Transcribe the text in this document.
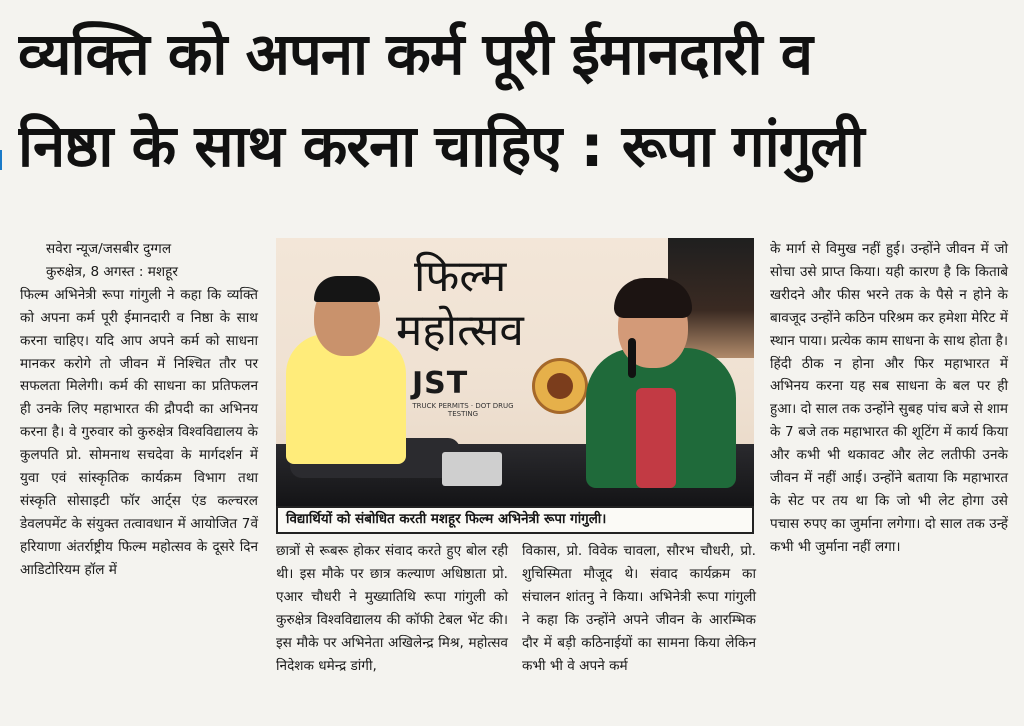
व्यक्ति को अपना कर्म पूरी ईमानदारी व
निष्ठा के साथ करना चाहिए : रूपा गांगुली

सवेरा न्यूज/जसबीर दुग्गल

कुरुक्षेत्र, 8 अगस्त : मशहूर

फिल्म अभिनेत्री रूपा गांगुली ने कहा कि व्यक्ति को अपना कर्म पूरी ईमानदारी व निष्ठा के साथ करना चाहिए। यदि आप अपने कर्म को साधना मानकर करोगे तो जीवन में निश्चित तौर पर सफलता मिलेगी। कर्म की साधना का प्रतिफलन ही उनके लिए महाभारत की द्रौपदी का अभिनय करना है। वे गुरुवार को कुरुक्षेत्र विश्वविद्यालय के कुलपति प्रो. सोमनाथ सचदेवा के मार्गदर्शन में युवा एवं सांस्कृतिक कार्यक्रम विभाग तथा संस्कृति सोसाइटी फॉर आर्ट्स एंड कल्चरल डेवलपमेंट के संयुक्त तत्वावधान में आयोजित 7वें हरियाणा अंतर्राष्ट्रीय फिल्म महोत्सव के दूसरे दिन आडिटोरियम हॉल में

फिल्म
महोत्सव
JST
TRUCK PERMITS · DOT DRUG TESTING
विद्यार्थियों को संबोधित करती मशहूर फिल्म अभिनेत्री रूपा गांगुली।

छात्रों से रूबरू होकर संवाद करते हुए बोल रही थी। इस मौके पर छात्र कल्याण अधिष्ठाता प्रो. एआर चौधरी ने मुख्यातिथि रूपा गांगुली को कुरुक्षेत्र विश्वविद्यालय की कॉफी टेबल भेंट की। इस मौके पर अभिनेता अखिलेन्द्र मिश्र, महोत्सव निदेशक धमेन्द्र डांगी,

विकास, प्रो. विवेक चावला, सौरभ चौधरी, प्रो. शुचिस्मिता मौजूद थे। संवाद कार्यक्रम का संचालन शांतनु ने किया। अभिनेत्री रूपा गांगुली ने कहा कि उन्होंने अपने जीवन के आरम्भिक दौर में बड़ी कठिनाईयों का सामना किया लेकिन कभी भी वे अपने कर्म

के मार्ग से विमुख नहीं हुई। उन्होंने जीवन में जो सोचा उसे प्राप्त किया। यही कारण है कि किताबे खरीदने और फीस भरने तक के पैसे न होने के बावजूद उन्होंने कठिन परिश्रम कर हमेशा मेरिट में स्थान पाया। प्रत्येक काम साधना के साथ होता है। हिंदी ठीक न होना और फिर महाभारत में अभिनय करना यह सब साधना के बल पर ही हुआ। दो साल तक उन्होंने सुबह पांच बजे से शाम के 7 बजे तक महाभारत की शूटिंग में कार्य किया और कभी भी थकावट और लेट लतीफी उनके जीवन में नहीं आई। उन्होंने बताया कि महाभारत के सेट पर तय था कि जो भी लेट होगा उसे पचास रुपए का जुर्माना लगेगा। दो साल तक उन्हें कभी भी जुर्माना नहीं लगा।
